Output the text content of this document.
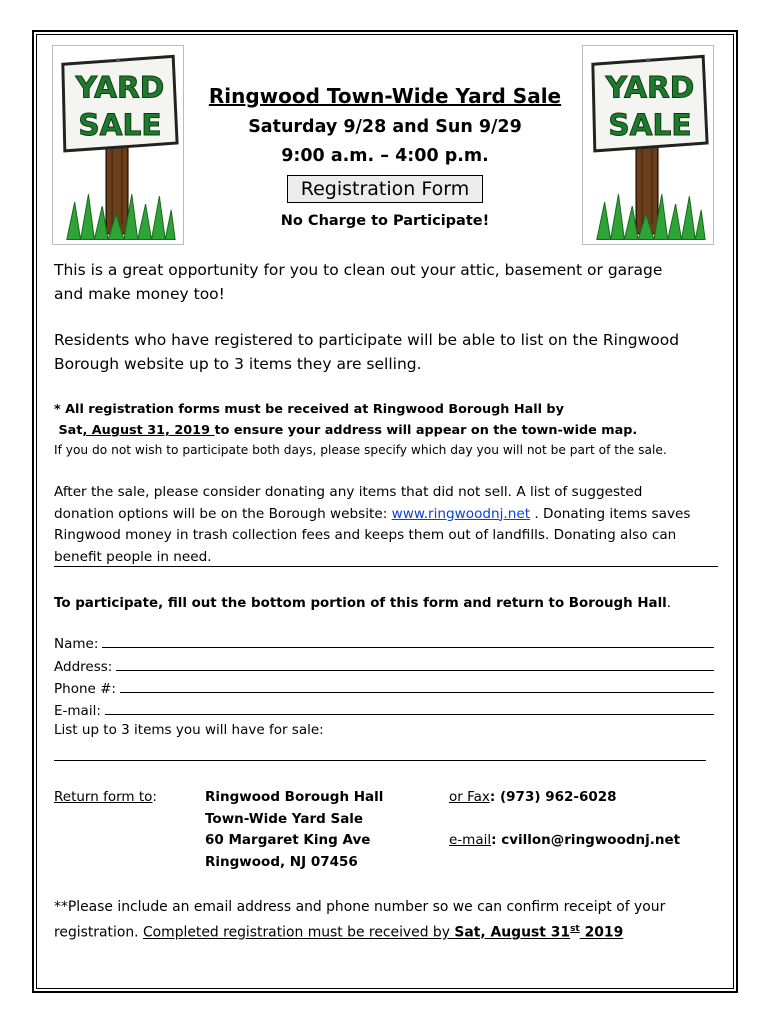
YARD
SALE
YARD
SALE
Ringwood Town-Wide Yard Sale
Saturday 9/28 and Sun 9/29
9:00 a.m. – 4:00 p.m.
Registration Form
No Charge to Participate!
This is a great opportunity for you to clean out your attic, basement or garage
and make money too!
Residents who have registered to participate will be able to list on the Ringwood
Borough website up to 3 items they are selling.
* All registration forms must be received at Ringwood Borough Hall by
Sat, August 31, 2019 to ensure your address will appear on the town-wide map.
If you do not wish to participate both days, please specify which day you will not be part of the sale.
After the sale, please consider donating any items that did not sell. A list of suggested
donation options will be on the Borough website: www.ringwoodnj.net . Donating items saves
Ringwood money in trash collection fees and keeps them out of landfills. Donating also can
benefit people in need.
To participate, fill out the bottom portion of this form and return to Borough Hall.
Name:
Address:
Phone #:
E-mail:
List up to 3 items you will have for sale:
Return form to:	Ringwood Borough Hall
Town-Wide Yard Sale
60 Margaret King Ave
Ringwood, NJ 07456
or Fax: (973) 962-6028
e-mail: cvillon@ringwoodnj.net
**Please include an email address and phone number so we can confirm receipt of your
registration. Completed registration must be received by Sat, August 31st 2019
